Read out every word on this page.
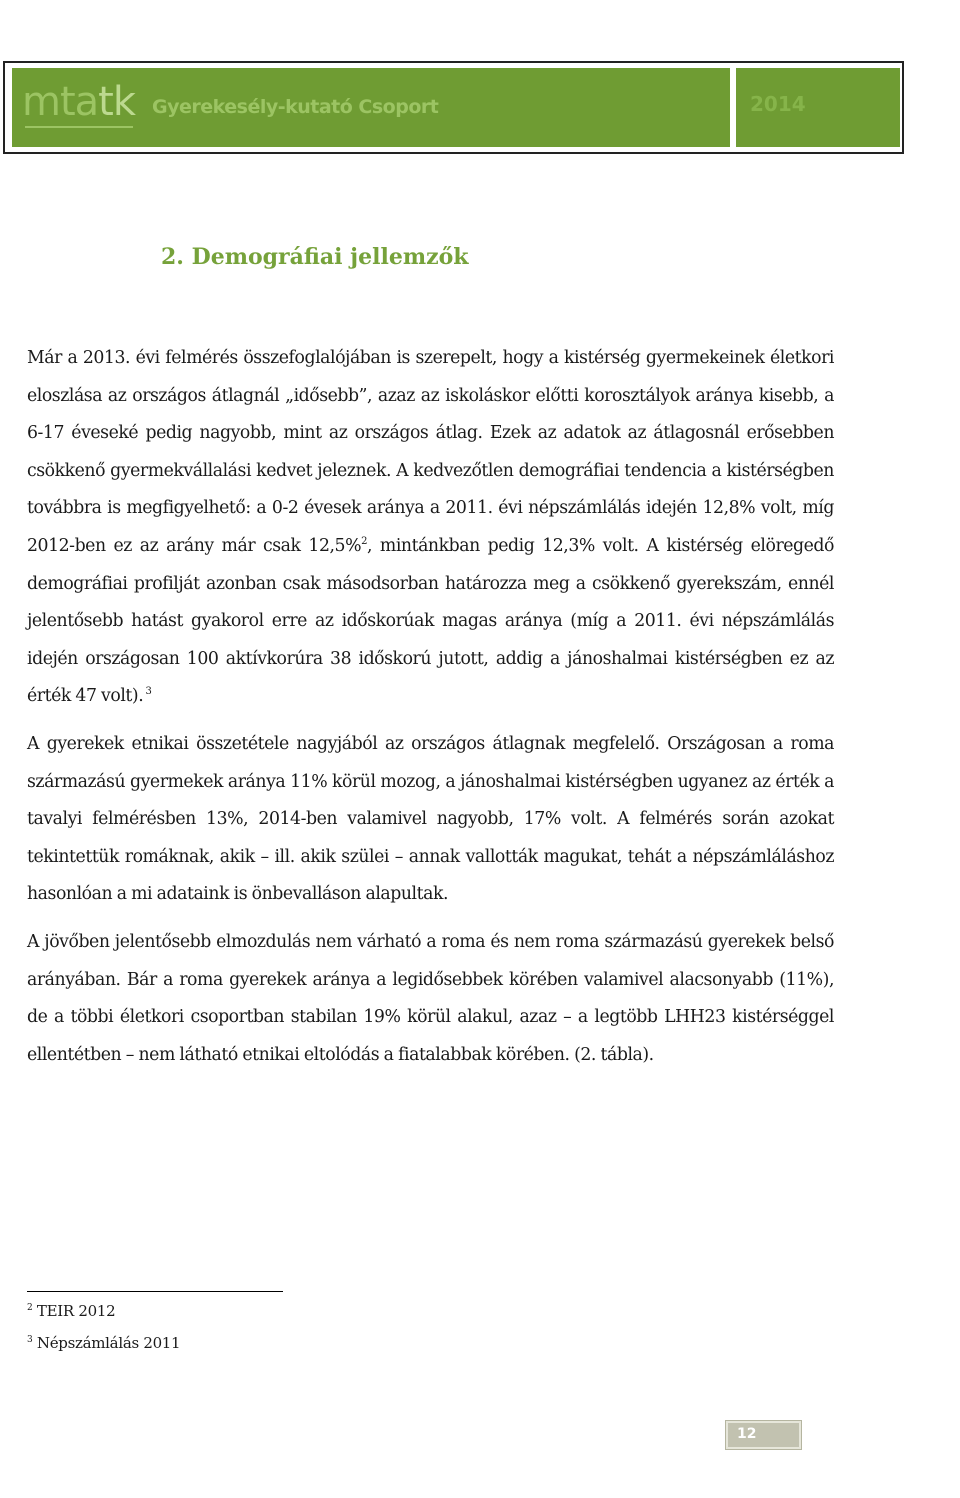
mtatk Gyerekesély-kutató Csoport	2014
2. Demográfiai jellemzők

Már a 2013. évi felmérés összefoglalójában is szerepelt, hogy a kistérség gyermekeinek életkori eloszlása az országos átlagnál „idősebb”, azaz az iskoláskor előtti korosztályok aránya kisebb, a 6-17 éveseké pedig nagyobb, mint az országos átlag. Ezek az adatok az átlagosnál erősebben csökkenő gyermekvállalási kedvet jeleznek. A kedvezőtlen demográfiai tendencia a kistérségben továbbra is megfigyelhető: a 0-2 évesek aránya a 2011. évi népszámlálás idején 12,8% volt, míg 2012-ben ez az arány már csak 12,5%$^2$, mintánkban pedig 12,3% volt. A kistérség elöregedő demográfiai profilját azonban csak másodsorban határozza meg a csökkenő gyerekszám, ennél jelentősebb hatást gyakorol erre az időskorúak magas aránya (míg a 2011. évi népszámlálás idején országosan 100 aktívkorúra 38 időskorú jutott, addig a jánoshalmai kistérségben ez az érték 47 volt). $^3$

A gyerekek etnikai összetétele nagyjából az országos átlagnak megfelelő. Országosan a roma származású gyermekek aránya 11% körül mozog, a jánoshalmai kistérségben ugyanez az érték a tavalyi felmérésben 13%, 2014-ben valamivel nagyobb, 17% volt. A felmérés során azokat tekintettük romáknak, akik – ill. akik szülei – annak vallották magukat, tehát a népszámláláshoz hasonlóan a mi adataink is önbevalláson alapultak.

A jövőben jelentősebb elmozdulás nem várható a roma és nem roma származású gyerekek belső arányában. Bár a roma gyerekek aránya a legidősebbek körében valamivel alacsonyabb (11%), de a többi életkori csoportban stabilan 19% körül alakul, azaz – a legtöbb LHH23 kistérséggel ellentétben – nem látható etnikai eltolódás a fiatalabbak körében. (2. tábla).

$^2$ TEIR 2012
$^3$ Népszámlálás 2011
12
